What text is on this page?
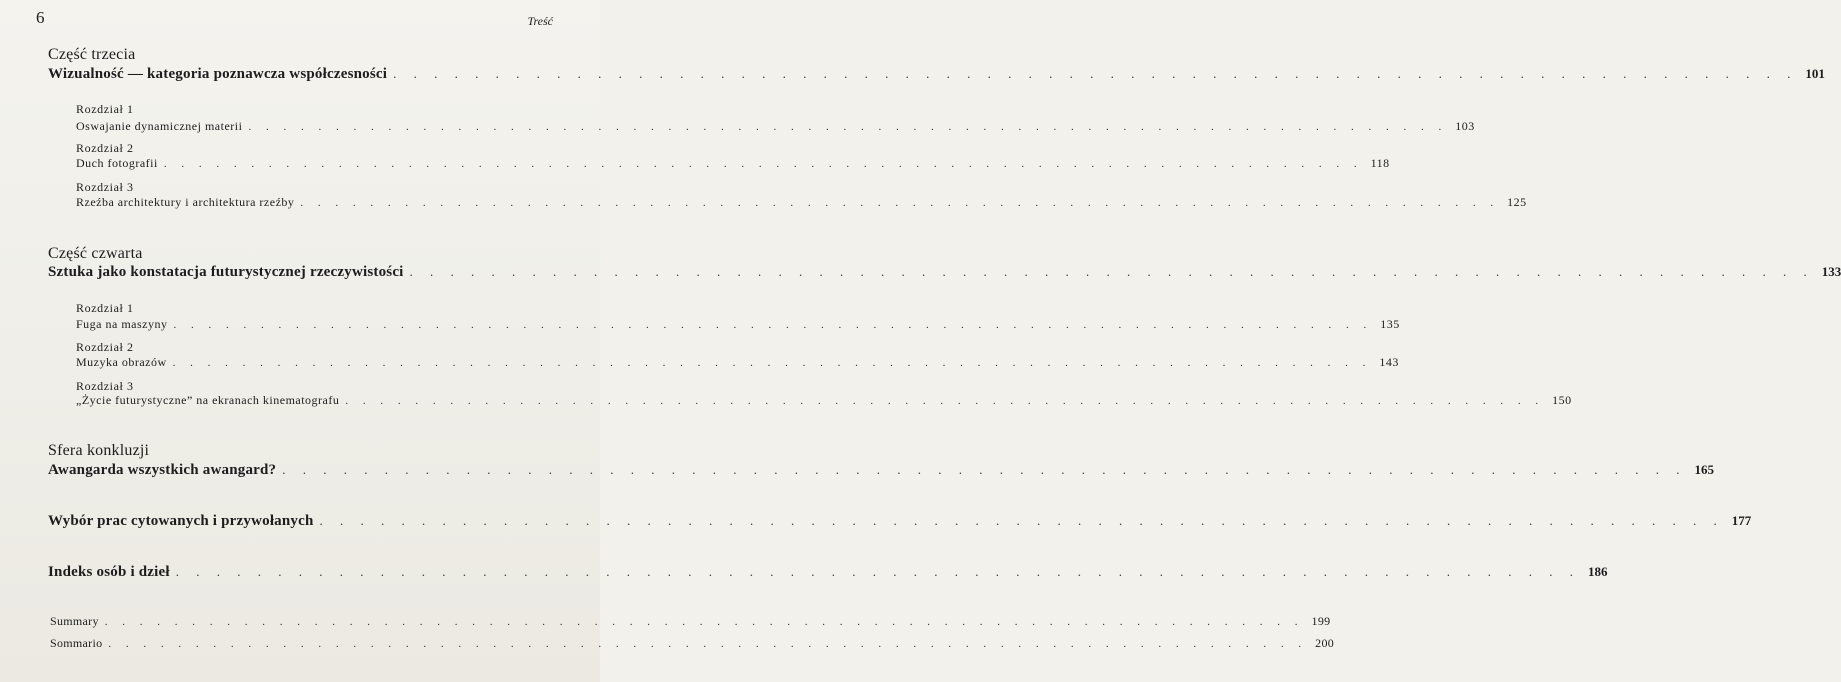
6	Treść
Część trzecia
Wizualność — kategoria poznawcza współczesności . . . . . . . . . . . . . . . . . . . . . . . . . . . . . . . . . . . . . . . . . . . . . . . . . . . . . . . . . . . . . . . . . . . . . 101
Rozdział 1
Oswajanie dynamicznej materii . . . . . . . . . . . . . . . . . . . . . . . . . . . . . . . . . . . . . . . . . . . . . . . . . . . . . . . . . . . . . . . . . . . . . 103
Rozdział 2
Duch fotografii . . . . . . . . . . . . . . . . . . . . . . . . . . . . . . . . . . . . . . . . . . . . . . . . . . . . . . . . . . . . . . . . . . . . . 118
Rozdział 3
Rzeźba architektury i architektura rzeźby . . . . . . . . . . . . . . . . . . . . . . . . . . . . . . . . . . . . . . . . . . . . . . . . . . . . . . . . . . . . . . . . . . . . . 125
Część czwarta
Sztuka jako konstatacja futurystycznej rzeczywistości . . . . . . . . . . . . . . . . . . . . . . . . . . . . . . . . . . . . . . . . . . . . . . . . . . . . . . . . . . . . . . . . . . . . . 133
Rozdział 1
Fuga na maszyny . . . . . . . . . . . . . . . . . . . . . . . . . . . . . . . . . . . . . . . . . . . . . . . . . . . . . . . . . . . . . . . . . . . . . 135
Rozdział 2
Muzyka obrazów . . . . . . . . . . . . . . . . . . . . . . . . . . . . . . . . . . . . . . . . . . . . . . . . . . . . . . . . . . . . . . . . . . . . . 143
Rozdział 3
„Życie futurystyczne” na ekranach kinematografu . . . . . . . . . . . . . . . . . . . . . . . . . . . . . . . . . . . . . . . . . . . . . . . . . . . . . . . . . . . . . . . . . . . . . 150
Sfera konkluzji
Awangarda wszystkich awangard? . . . . . . . . . . . . . . . . . . . . . . . . . . . . . . . . . . . . . . . . . . . . . . . . . . . . . . . . . . . . . . . . . . . . . 165
Wybór prac cytowanych i przywołanych . . . . . . . . . . . . . . . . . . . . . . . . . . . . . . . . . . . . . . . . . . . . . . . . . . . . . . . . . . . . . . . . . . . . . 177
Indeks osób i dzieł . . . . . . . . . . . . . . . . . . . . . . . . . . . . . . . . . . . . . . . . . . . . . . . . . . . . . . . . . . . . . . . . . . . . . 186
Summary . . . . . . . . . . . . . . . . . . . . . . . . . . . . . . . . . . . . . . . . . . . . . . . . . . . . . . . . . . . . . . . . . . . . . 199
Sommario . . . . . . . . . . . . . . . . . . . . . . . . . . . . . . . . . . . . . . . . . . . . . . . . . . . . . . . . . . . . . . . . . . . . . 200
